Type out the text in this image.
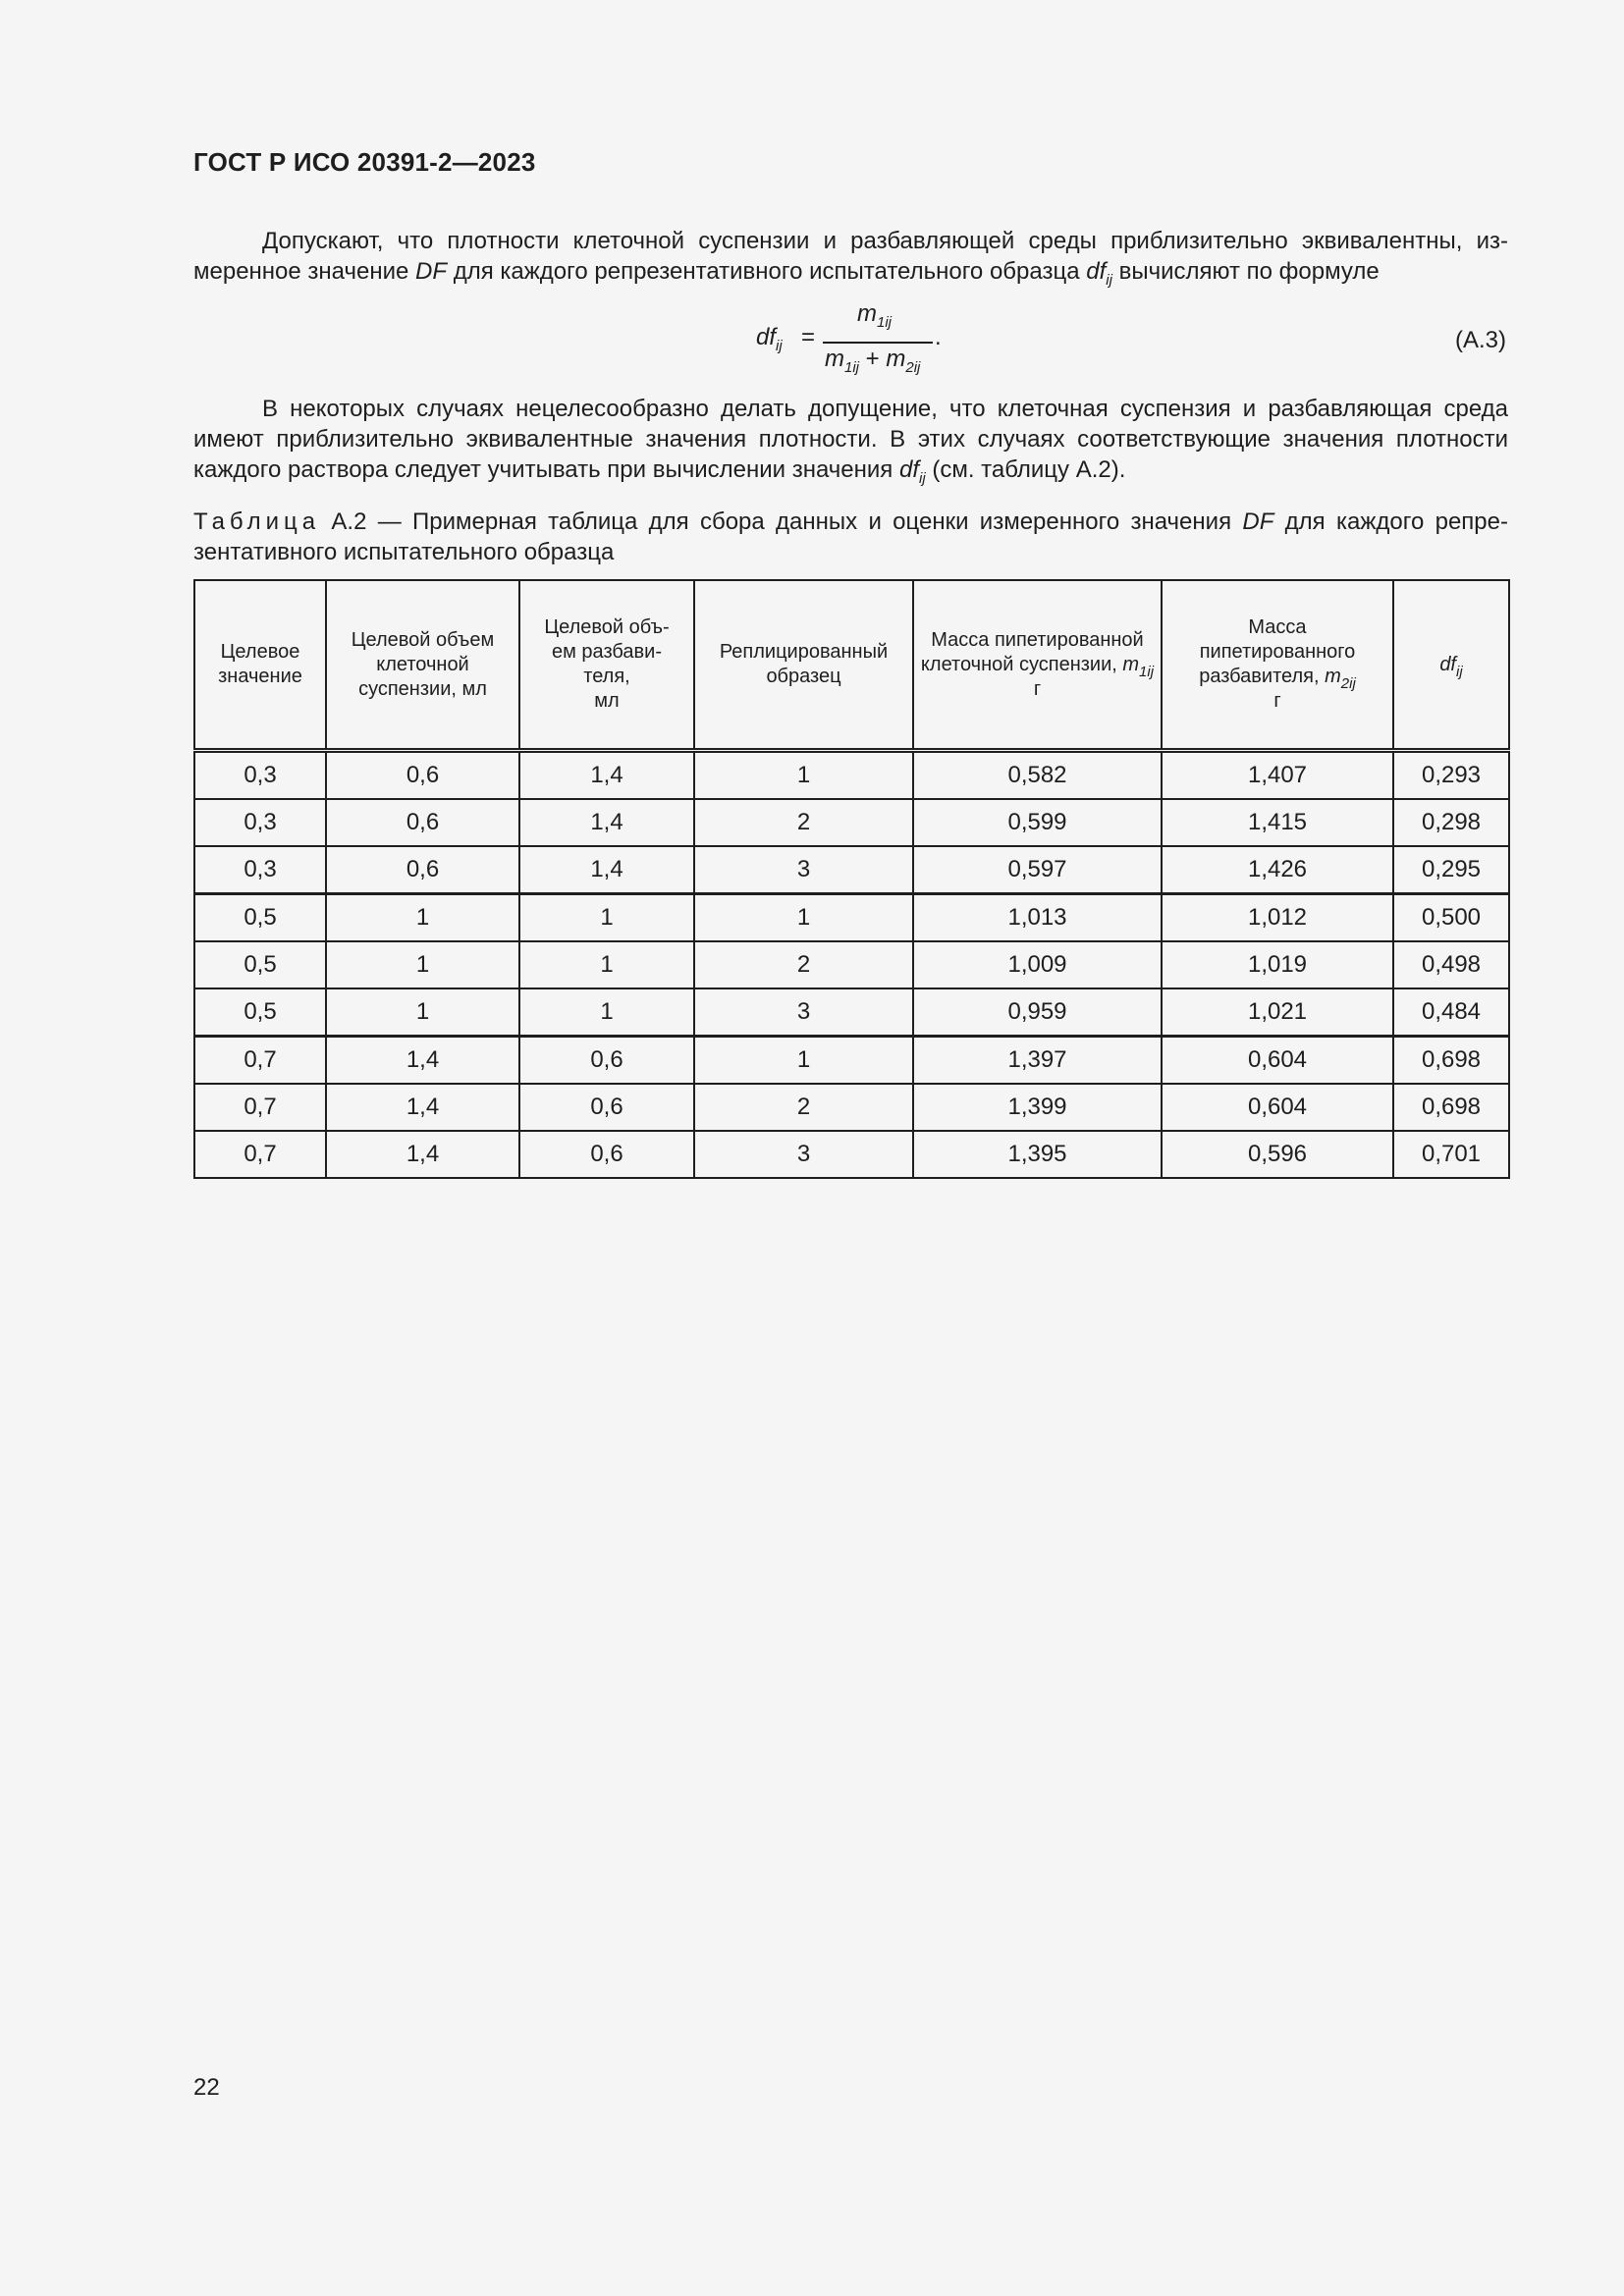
ГОСТ Р ИСО 20391-2—2023
Допускают, что плотности клеточной суспензии и разбавляющей среды приблизительно эквивалентны, из-
меренное значение DF для каждого репрезентативного испытательного образца $df_{ij}$ вычисляют по формуле
$df_{ij}$ =
$m_{1ij}$
$m_{1ij} + m_{2ij}$
.	(A.3)
В некоторых случаях нецелесообразно делать допущение, что клеточная суспензия и разбавляющая среда
имеют приблизительно эквивалентные значения плотности. В этих случаях соответствующие значения плотности
каждого раствора следует учитывать при вычислении значения $df_{ij}$ (см. таблицу А.2).
Таблица А.2 — Примерная таблица для сбора данных и оценки измеренного значения DF для каждого репре-
зентативного испытательного образца
Целевое значение	Целевой объем клеточной суспензии, мл	Целевой объ-
ем разбави-
теля,
мл	Реплицированный образец	Масса пипетированной клеточной суспензии, $m_{1ij}$
г	Масса пипетированного разбавителя, $m_{2ij}$
г	$df_{ij}$
0,3	0,6	1,4	1	0,582	1,407	0,293
0,3	0,6	1,4	2	0,599	1,415	0,298
0,3	0,6	1,4	3	0,597	1,426	0,295
0,5	1	1	1	1,013	1,012	0,500
0,5	1	1	2	1,009	1,019	0,498
0,5	1	1	3	0,959	1,021	0,484
0,7	1,4	0,6	1	1,397	0,604	0,698
0,7	1,4	0,6	2	1,399	0,604	0,698
0,7	1,4	0,6	3	1,395	0,596	0,701
22
